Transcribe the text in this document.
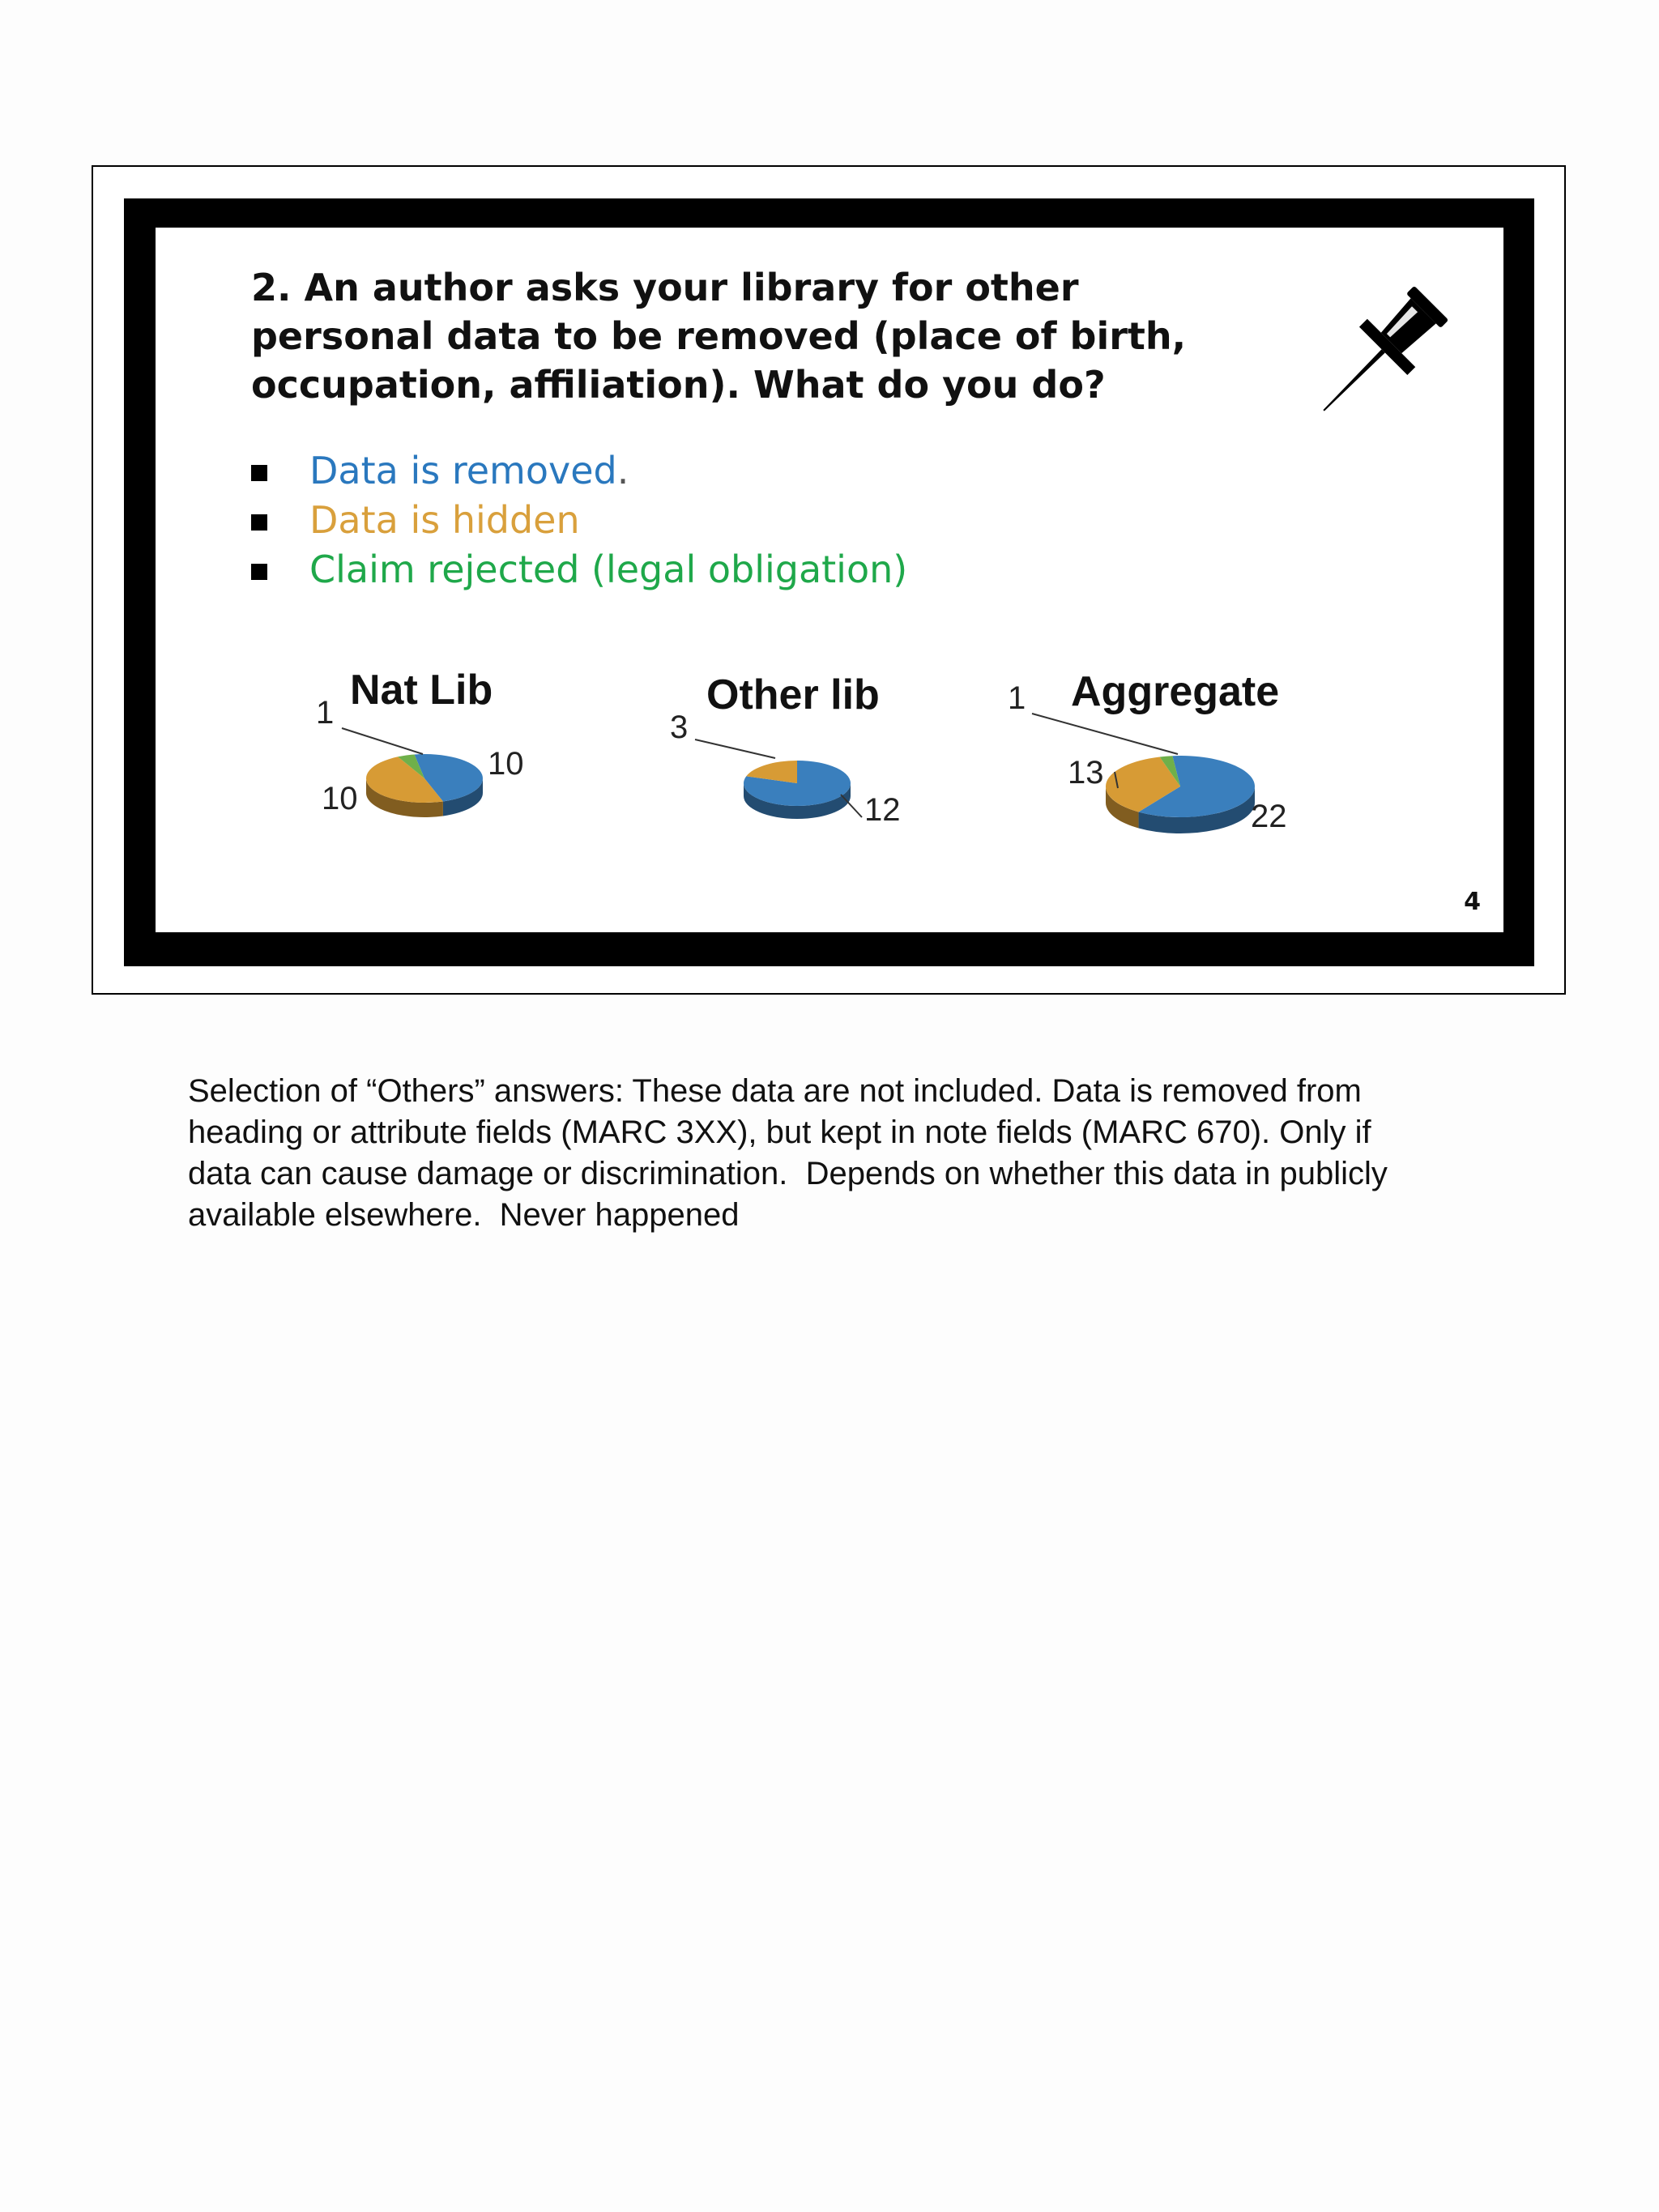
2. An author asks your library for other personal data to be removed (place of birth, occupation, affiliation). What do you do?
Data is removed.
Data is hidden
Claim rejected (legal obligation)
Nat Lib	Other lib	Aggregate
10
10
1
12
3
22
13
1
4
Selection of “Others” answers: These data are not included. Data is removed from
heading or attribute fields (MARC 3XX), but kept in note fields (MARC 670). Only if
data can cause damage or discrimination.  Depends on whether this data in publicly
available elsewhere.  Never happened
